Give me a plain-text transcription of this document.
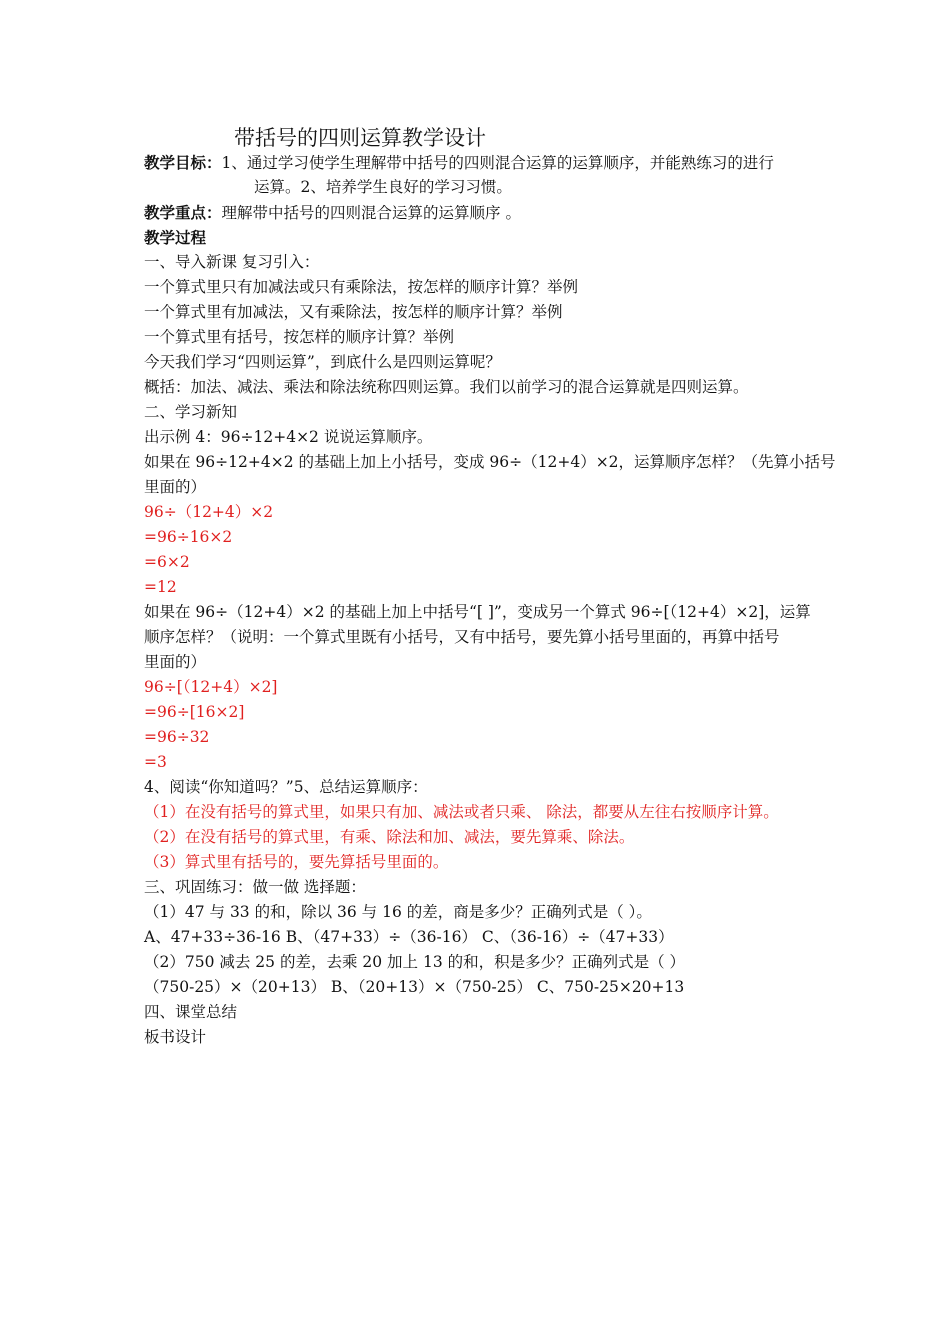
带括号的四则运算教学设计
教学目标：1、通过学习使学生理解带中括号的四则混合运算的运算顺序，并能熟练习的进行
运算。2、培养学生良好的学习习惯。
教学重点：理解带中括号的四则混合运算的运算顺序 。
教学过程
一、导入新课 复习引入：
一个算式里只有加减法或只有乘除法，按怎样的顺序计算？举例
一个算式里有加减法，又有乘除法，按怎样的顺序计算？举例
一个算式里有括号，按怎样的顺序计算？举例
今天我们学习“四则运算”，到底什么是四则运算呢？
概括：加法、减法、乘法和除法统称四则运算。我们以前学习的混合运算就是四则运算。
二、学习新知
出示例 4：96÷12+4×2 说说运算顺序。
如果在 96÷12+4×2 的基础上加上小括号，变成 96÷（12+4）×2，运算顺序怎样？（先算小括号
里面的）
96÷（12+4）×2
=96÷16×2
=6×2
=12
如果在 96÷（12+4）×2 的基础上加上中括号“[ ]”，变成另一个算式 96÷[（12+4）×2]，运算
顺序怎样？（说明：一个算式里既有小括号，又有中括号，要先算小括号里面的，再算中括号
里面的）
96÷[（12+4）×2]
=96÷[16×2]
=96÷32
=3
4、阅读“你知道吗？”5、总结运算顺序：
（1）在没有括号的算式里，如果只有加、减法或者只乘、 除法，都要从左往右按顺序计算。
（2）在没有括号的算式里，有乘、除法和加、减法，要先算乘、除法。
（3）算式里有括号的，要先算括号里面的。
三、巩固练习：做一做 选择题：
（1）47 与 33 的和，除以 36 与 16 的差，商是多少？正确列式是（ ）。
A、47+33÷36-16 B、（47+33）÷（36-16） C、（36-16）÷（47+33）
（2）750 减去 25 的差，去乘 20 加上 13 的和，积是多少？正确列式是（ ）
（750-25）×（20+13） B、（20+13）×（750-25） C、750-25×20+13
四、课堂总结
板书设计
